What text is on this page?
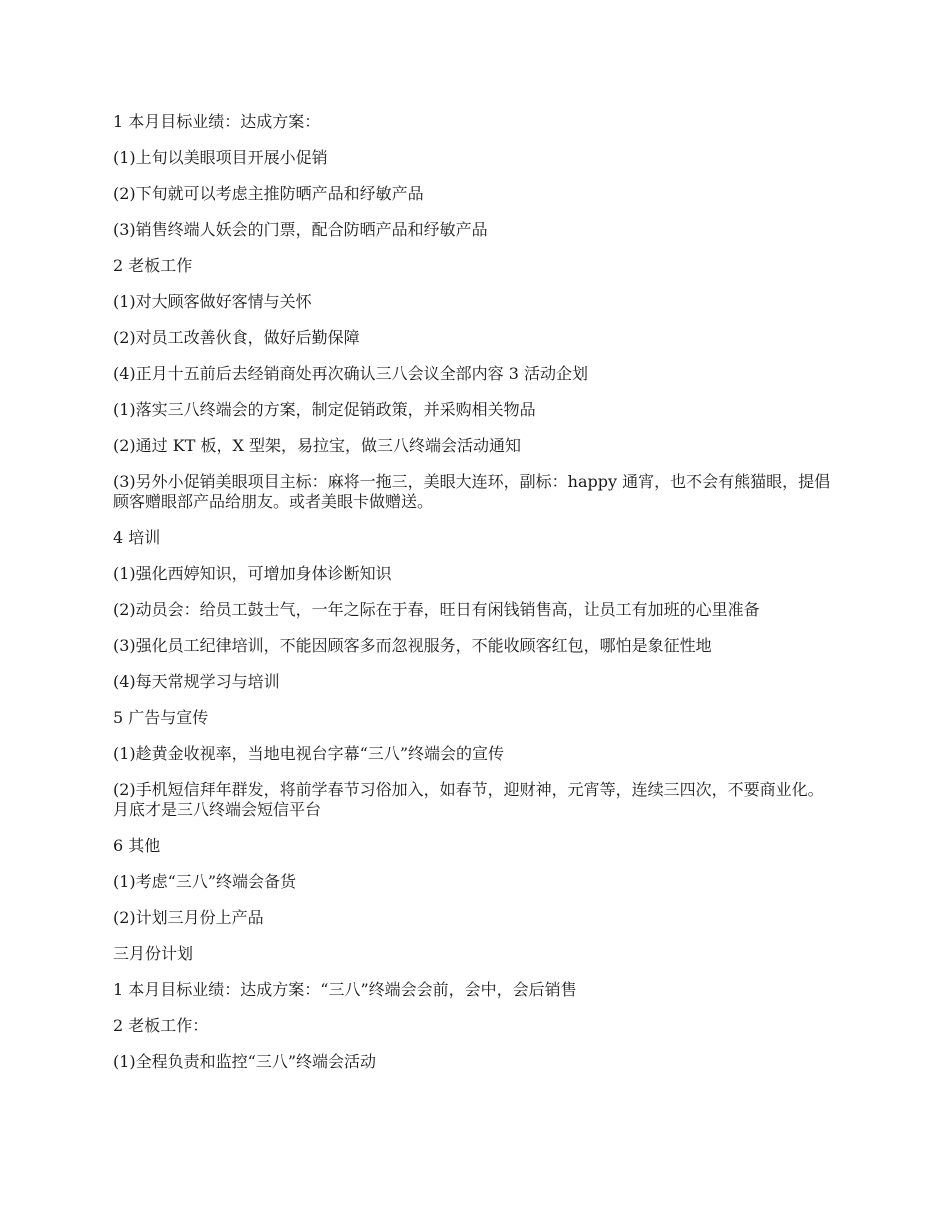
1 本月目标业绩：达成方案：

(1)上旬以美眼项目开展小促销

(2)下旬就可以考虑主推防晒产品和纾敏产品

(3)销售终端人妖会的门票，配合防晒产品和纾敏产品

2 老板工作

(1)对大顾客做好客情与关怀

(2)对员工改善伙食，做好后勤保障

(4)正月十五前后去经销商处再次确认三八会议全部内容 3 活动企划

(1)落实三八终端会的方案，制定促销政策，并采购相关物品

(2)通过 KT 板，X 型架，易拉宝，做三八终端会活动通知

(3)另外小促销美眼项目主标：麻将一拖三，美眼大连环，副标：happy 通宵，也不会有熊猫眼，提倡顾客赠眼部产品给朋友。或者美眼卡做赠送。

4 培训

(1)强化西婷知识，可增加身体诊断知识

(2)动员会：给员工鼓士气，一年之际在于春，旺日有闲钱销售高，让员工有加班的心里准备

(3)强化员工纪律培训，不能因顾客多而忽视服务，不能收顾客红包，哪怕是象征性地

(4)每天常规学习与培训

5 广告与宣传

(1)趁黄金收视率，当地电视台字幕“三八”终端会的宣传

(2)手机短信拜年群发，将前学春节习俗加入，如春节，迎财神，元宵等，连续三四次，不要商业化。月底才是三八终端会短信平台

6 其他

(1)考虑“三八”终端会备货

(2)计划三月份上产品

三月份计划

1 本月目标业绩：达成方案：“三八”终端会会前，会中，会后销售

2 老板工作：

(1)全程负责和监控“三八”终端会活动
